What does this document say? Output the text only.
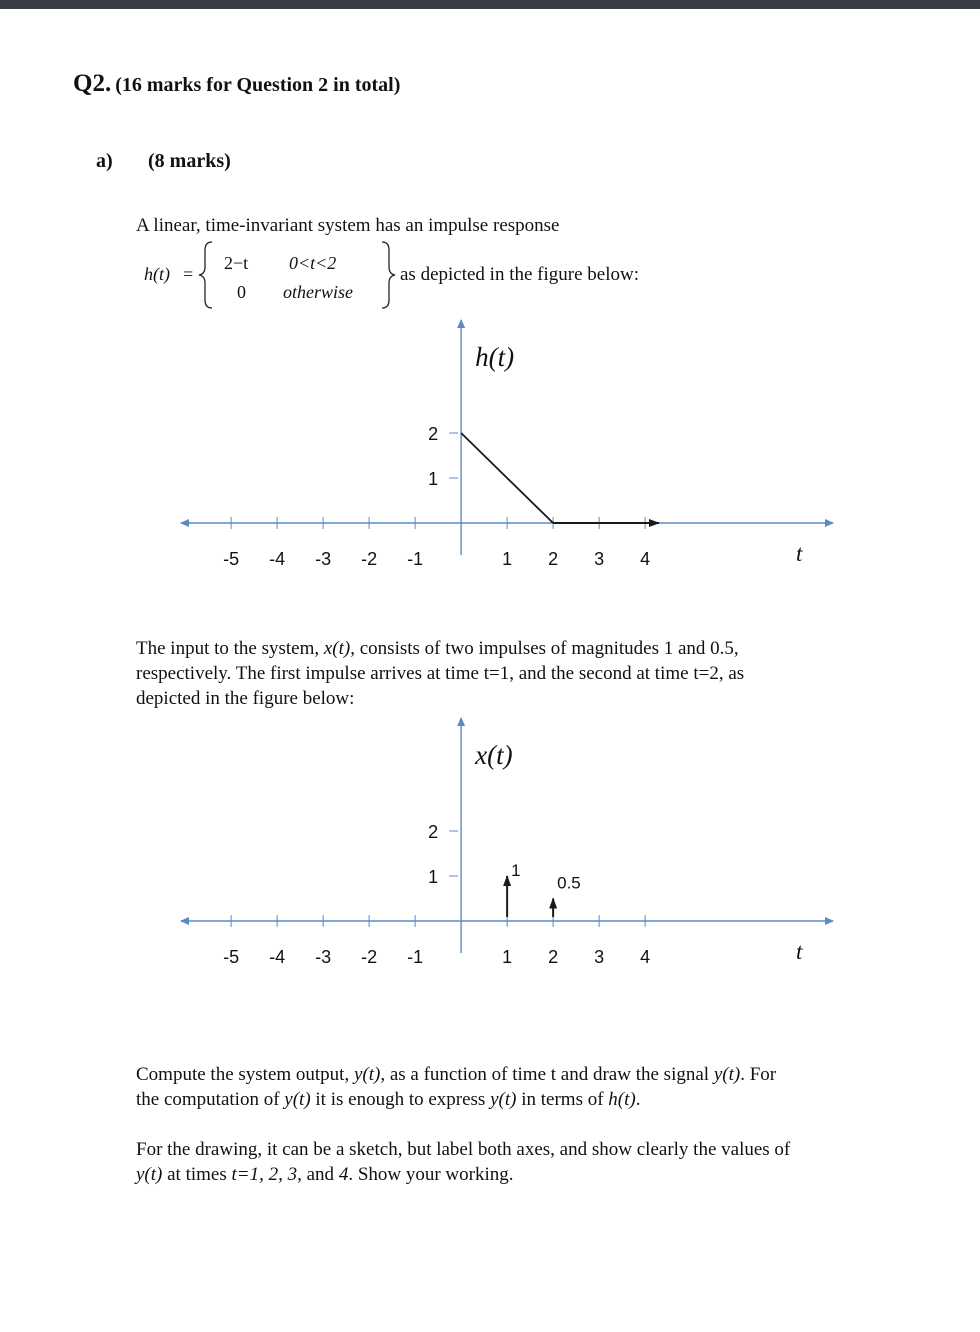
Q2. (16 marks for Question 2 in total)
a) (8 marks)
A linear, time-invariant system has an impulse response
h(t) =
2−t 0<t<2
0 otherwise
as depicted in the figure below:
-5 -4 -3 -2 -1	1 2 3 4
1
2
h(t)
t
The input to the system, x(t), consists of two impulses of magnitudes 1 and 0.5,
respectively. The first impulse arrives at time t=1, and the second at time t=2, as
depicted in the figure below:
-5 -4 -3 -2 -1	1 2 3 4
1
2
x(t)
t
1
0.5
Compute the system output, y(t), as a function of time t and draw the signal y(t). For
the computation of y(t) it is enough to express y(t) in terms of h(t).
For the drawing, it can be a sketch, but label both axes, and show clearly the values of
y(t) at times t=1, 2, 3, and 4. Show your working.
